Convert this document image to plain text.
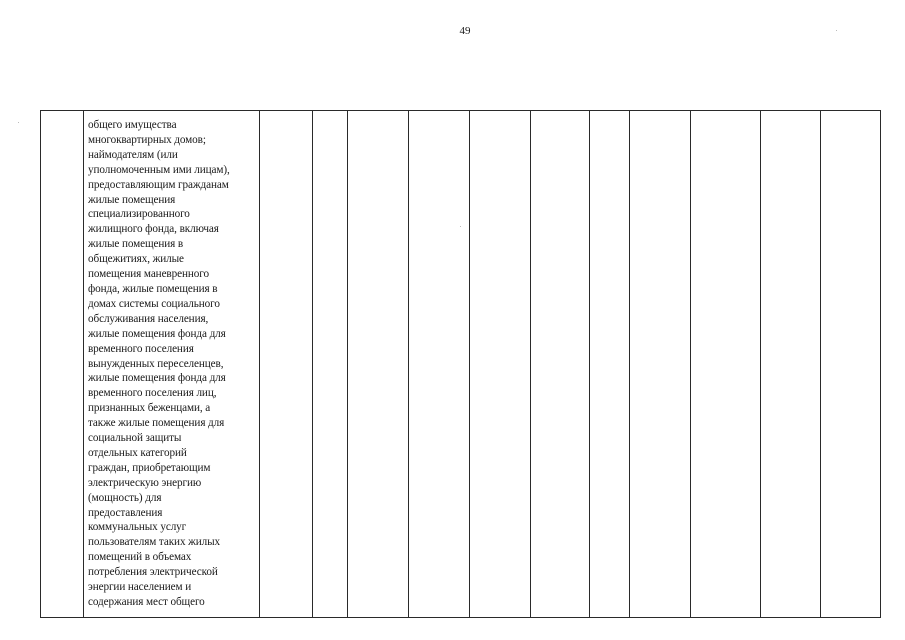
49

общего имущества
многоквартирных домов;
наймодателям (или
уполномоченным ими лицам),
предоставляющим гражданам
жилые помещения
специализированного
жилищного фонда, включая
жилые помещения в
общежитиях, жилые
помещения маневренного
фонда, жилые помещения в
домах системы социального
обслуживания населения,
жилые помещения фонда для
временного поселения
вынужденных переселенцев,
жилые помещения фонда для
временного поселения лиц,
признанных беженцами, а
также жилые помещения для
социальной защиты
отдельных категорий
граждан, приобретающим
электрическую энергию
(мощность) для
предоставления
коммунальных услуг
пользователям таких жилых
помещений в объемах
потребления электрической
энергии населением и
содержания мест общего
